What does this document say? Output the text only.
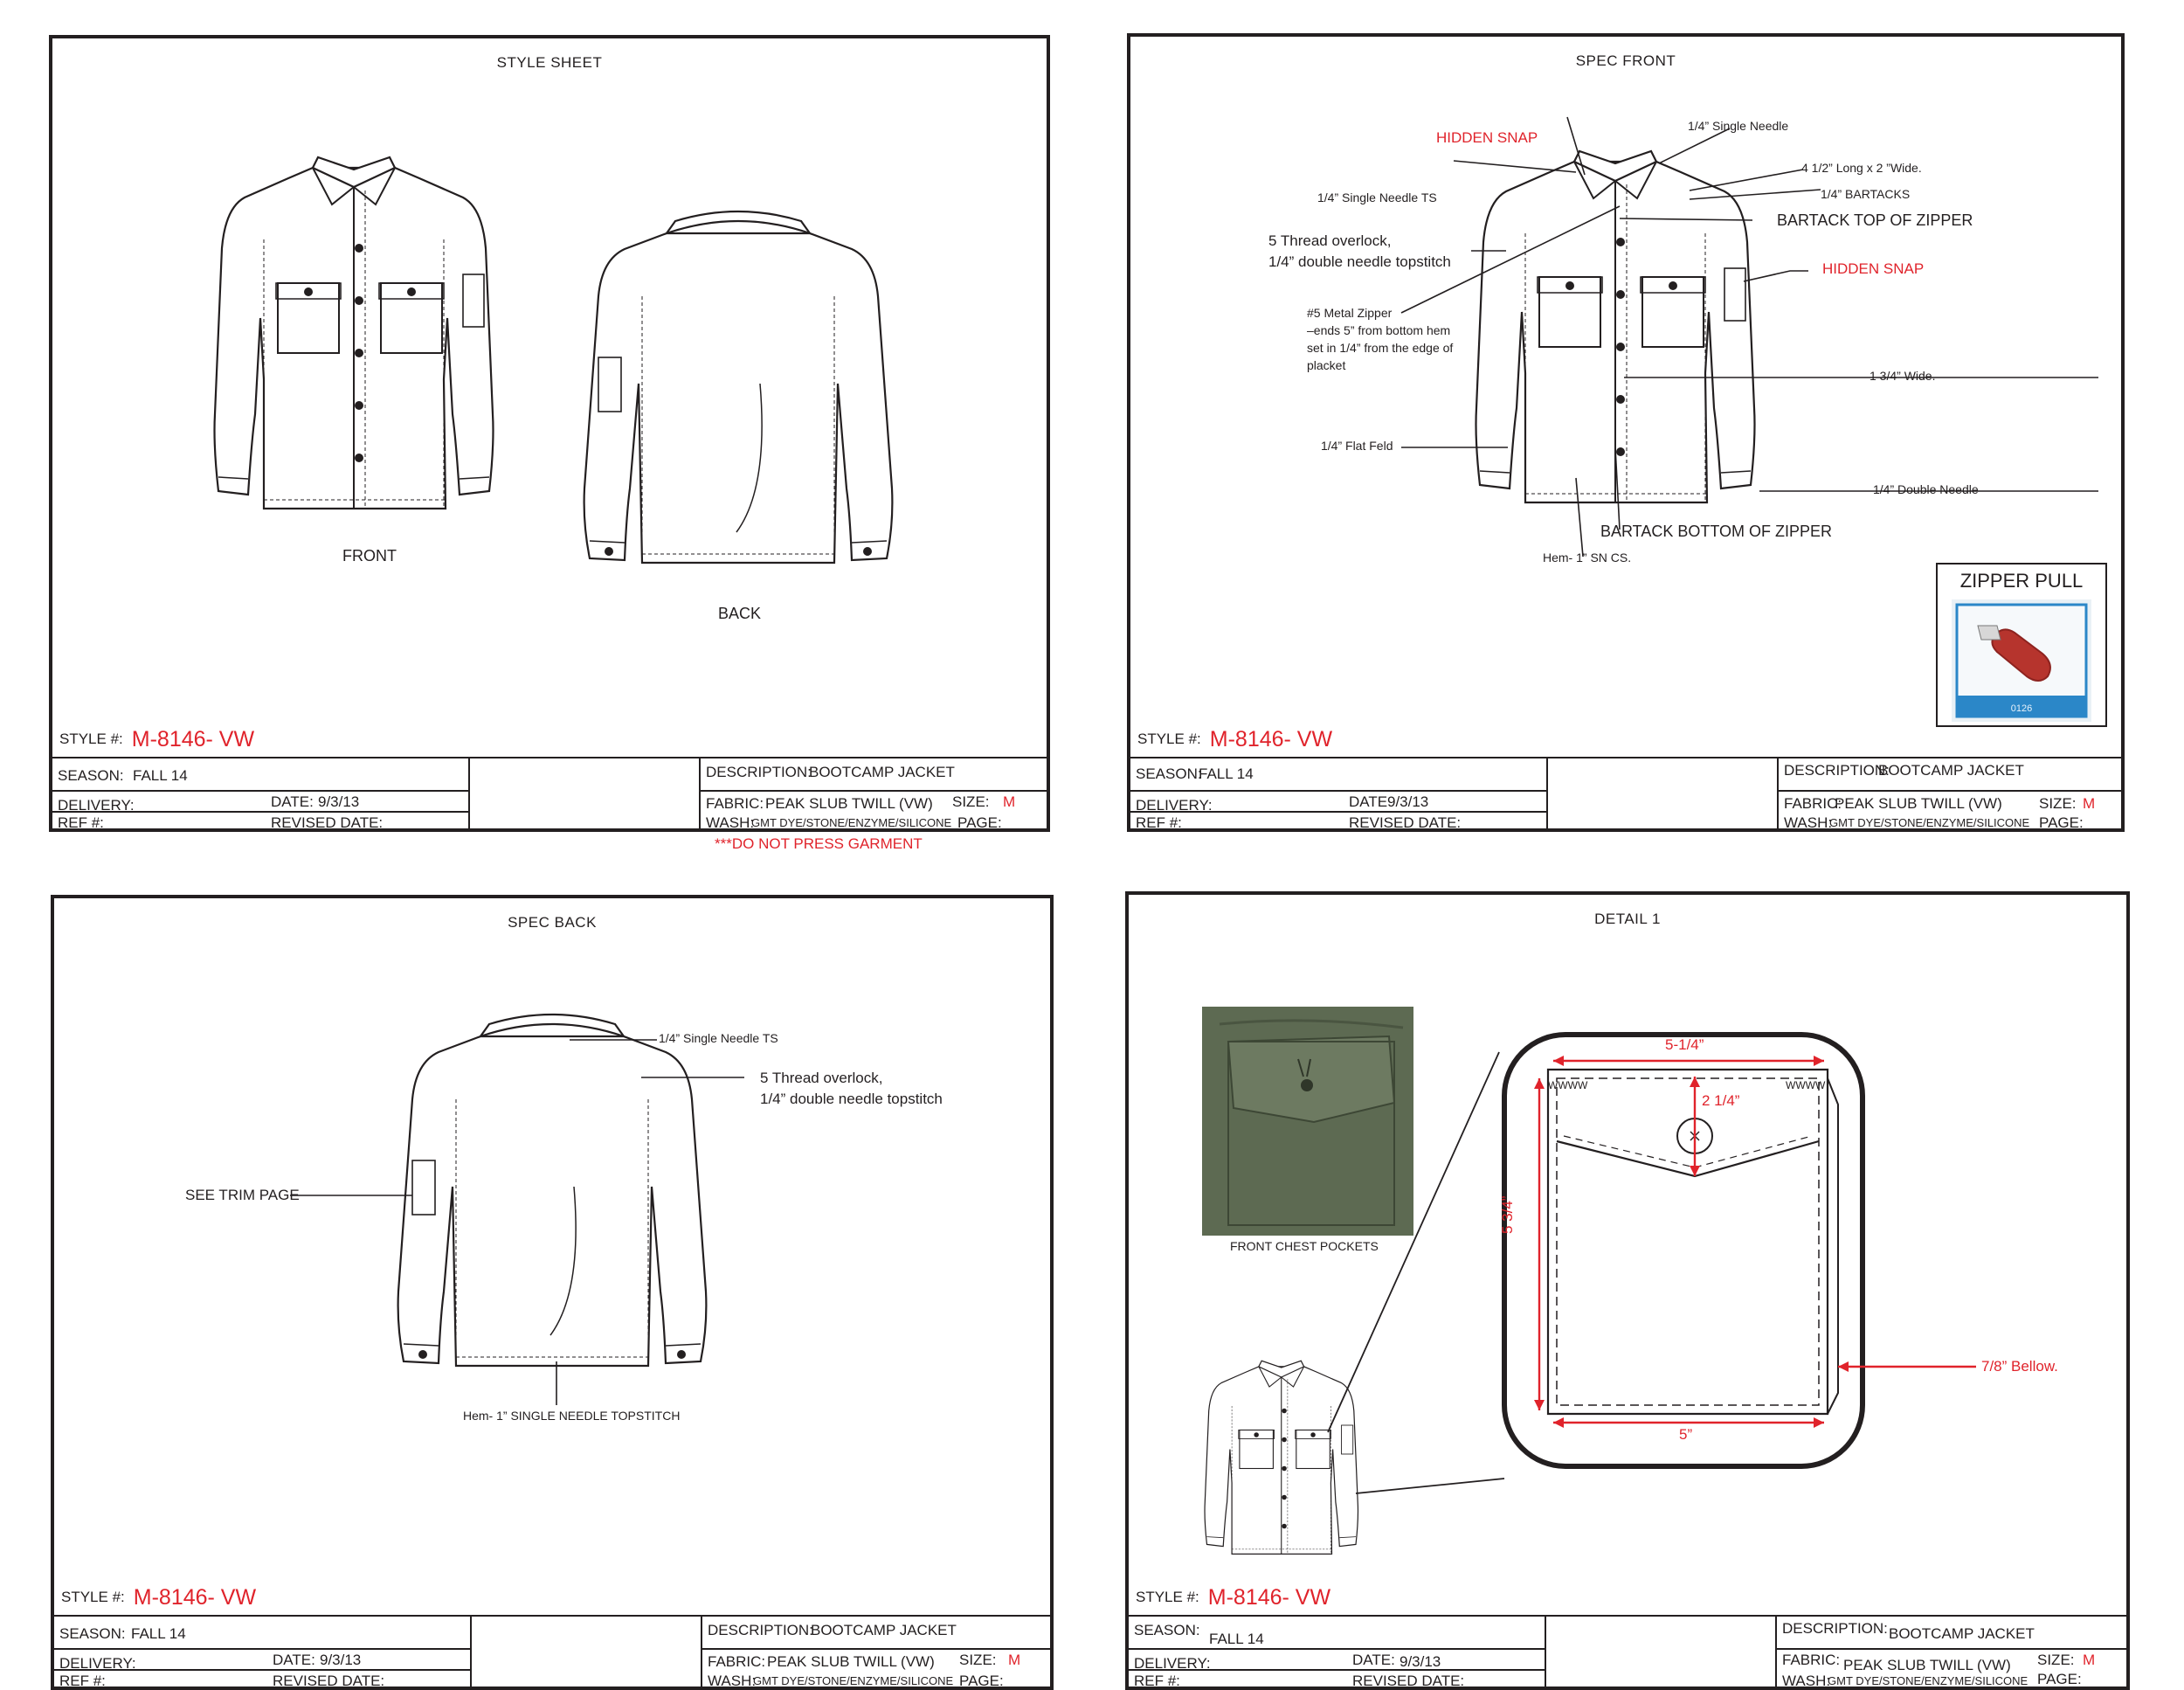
STYLE SHEET
FRONT
BACK
STYLE #: M-8146- VW
SEASON: FALL 14
DELIVERY:	DATE: 9/3/13
REF #:	REVISED DATE:
DESCRIPTION:
BOOTCAMP JACKET
FABRIC: PEAK SLUB TWILL (VW) SIZE: M
WASH:
GMT DYE/STONE/ENZYME/SILICONE PAGE:
***DO NOT PRESS GARMENT
SPEC FRONT
HIDDEN SNAP
1/4” Single Needle
4 1/2” Long x 2 ”Wide.
1/4” BARTACKS
1/4” Single Needle TS
BARTACK TOP OF ZIPPER
5 Thread overlock,
1/4” double needle topstitch	HIDDEN SNAP
#5 Metal Zipper
–ends 5” from bottom hem
set in 1/4” from the edge of
placket
1 3/4” Wide.
1/4” Flat Feld
1/4” Double Needle
BARTACK BOTTOM OF ZIPPER
Hem- 1” SN CS.
ZIPPER PULL
0126
STYLE #: M-8146- VW
SEASON:
FALL 14
DELIVERY:	DATE 9/3/13
REF #:	REVISED DATE:
DESCRIPTION:
BOOTCAMP JACKET
FABRIC:
PEAK SLUB TWILL (VW) SIZE: M
WASH:
GMT DYE/STONE/ENZYME/SILICONE PAGE:
SPEC BACK
1/4” Single Needle TS
5 Thread overlock,
1/4” double needle topstitch
SEE TRIM PAGE
Hem- 1” SINGLE NEEDLE TOPSTITCH
STYLE #: M-8146- VW
SEASON: FALL 14
DELIVERY:	DATE: 9/3/13
REF #:	REVISED DATE:
DESCRIPTION:
BOOTCAMP JACKET
FABRIC: PEAK SLUB TWILL (VW) SIZE: M
WASH:
GMT DYE/STONE/ENZYME/SILICONE PAGE:
DETAIL 1
WWWW	WWWW
FRONT CHEST POCKETS
5-1/4”
2 1/4”
5 3/4”
5”
7/8” Bellow.
STYLE #: M-8146- VW
SEASON:
FALL 14
DELIVERY:	DATE: 9/3/13
REF #:	REVISED DATE:
DESCRIPTION: BOOTCAMP JACKET
FABRIC: PEAK SLUB TWILL (VW) SIZE: M
WASH:
GMT DYE/STONE/ENZYME/SILICONE PAGE:
